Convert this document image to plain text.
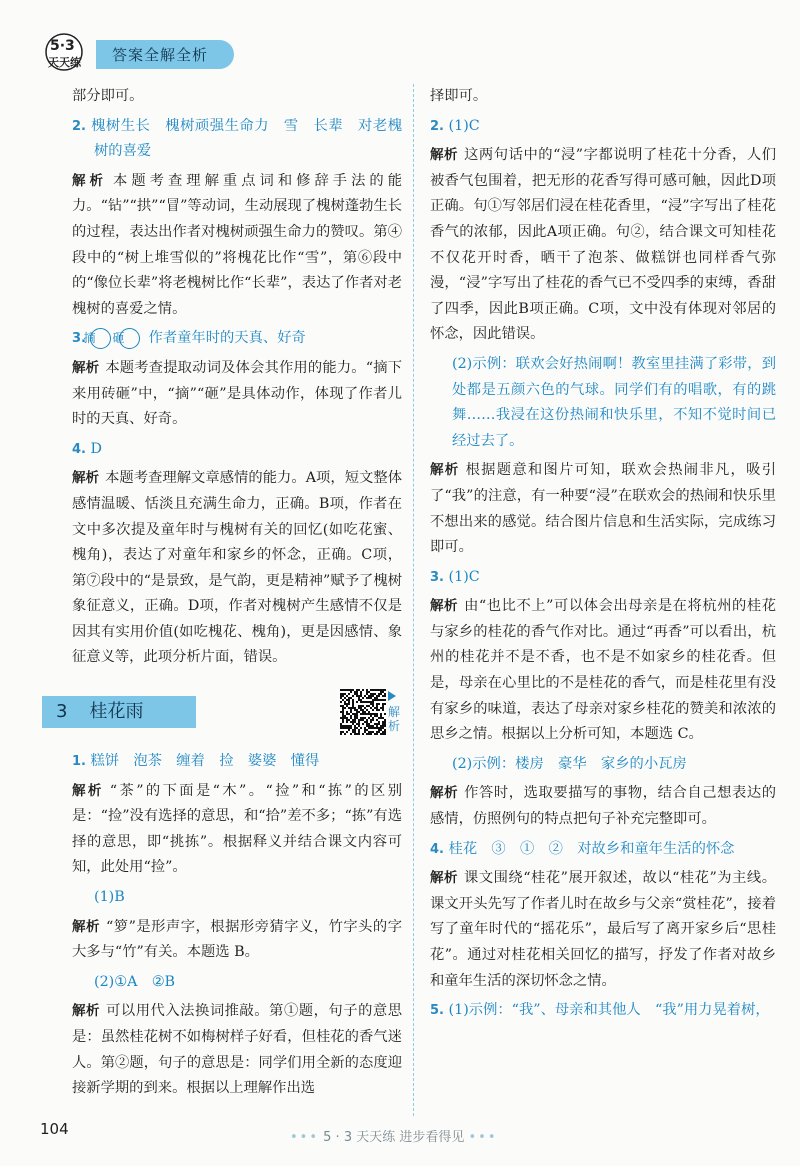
5·3
天天练	答案全解全析

部分即可。

2. 槐树生长　槐树顽强生命力　雪　长辈　对老槐树的喜爱

解析 本题考查理解重点词和修辞手法的能力。“钻”“拱”“冒”等动词，生动展现了槐树蓬勃生长的过程，表达出作者对槐树顽强生命力的赞叹。第④段中的“树上堆雪似的”将槐花比作“雪”，第⑥段中的“像位长辈”将老槐树比作“长辈”，表达了作者对老槐树的喜爱之情。

3.摘 砸 作者童年时的天真、好奇

解析 本题考查提取动词及体会其作用的能力。“摘下来用砖砸”中，“摘”“砸”是具体动作，体现了作者儿时的天真、好奇。

4. D

解析 本题考查理解文章感情的能力。A项，短文整体感情温暖、恬淡且充满生命力，正确。B项，作者在文中多次提及童年时与槐树有关的回忆(如吃花蜜、槐角)，表达了对童年和家乡的怀念，正确。C项，第⑦段中的“是景致，是气韵，更是精神”赋予了槐树象征意义，正确。D项，作者对槐树产生感情不仅是因其有实用价值(如吃槐花、槐角)，更是因感情、象征意义等，此项分析片面，错误。

3 桂花雨	解析

1. 糕饼　泡茶　缠着　捡　婆婆　懂得

解析 “茶”的下面是“木”。“捡”和“拣”的区别是：“捡”没有选择的意思，和“拾”差不多；“拣”有选择的意思，即“挑拣”。根据释义并结合课文内容可知，此处用“捡”。

(1)B

解析 “箩”是形声字，根据形旁猜字义，竹字头的字大多与“竹”有关。本题选 B。

(2)①A　②B

解析 可以用代入法换词推敲。第①题，句子的意思是：虽然桂花树不如梅树样子好看，但桂花的香气迷人。第②题，句子的意思是：同学们用全新的态度迎接新学期的到来。根据以上理解作出选

择即可。

2. (1)C

解析 这两句话中的“浸”字都说明了桂花十分香，人们被香气包围着，把无形的花香写得可感可触，因此D项正确。句①写邻居们浸在桂花香里，“浸”字写出了桂花香气的浓郁，因此A项正确。句②，结合课文可知桂花不仅花开时香，晒干了泡茶、做糕饼也同样香气弥漫，“浸”字写出了桂花的香气已不受四季的束缚，香甜了四季，因此B项正确。C项，文中没有体现对邻居的怀念，因此错误。

(2)示例：联欢会好热闹啊！教室里挂满了彩带，到处都是五颜六色的气球。同学们有的唱歌，有的跳舞……我浸在这份热闹和快乐里，不知不觉时间已经过去了。

解析 根据题意和图片可知，联欢会热闹非凡，吸引了“我”的注意，有一种要“浸”在联欢会的热闹和快乐里不想出来的感觉。结合图片信息和生活实际，完成练习即可。

3. (1)C

解析 由“也比不上”可以体会出母亲是在将杭州的桂花与家乡的桂花的香气作对比。通过“再香”可以看出，杭州的桂花并不是不香，也不是不如家乡的桂花香。但是，母亲在心里比的不是桂花的香气，而是桂花里有没有家乡的味道，表达了母亲对家乡桂花的赞美和浓浓的思乡之情。根据以上分析可知，本题选 C。

(2)示例：楼房　豪华　家乡的小瓦房

解析 作答时，选取要描写的事物，结合自己想表达的感情，仿照例句的特点把句子补充完整即可。

4. 桂花　③　①　②　对故乡和童年生活的怀念

解析 课文围绕“桂花”展开叙述，故以“桂花”为主线。课文开头先写了作者儿时在故乡与父亲“赏桂花”，接着写了童年时代的“摇花乐”，最后写了离开家乡后“思桂花”。通过对桂花相关回忆的描写，抒发了作者对故乡和童年生活的深切怀念之情。

5. (1)示例：“我”、母亲和其他人　“我”用力晃着树，

104	••• 5 · 3 天天练 进步看得见 •••
